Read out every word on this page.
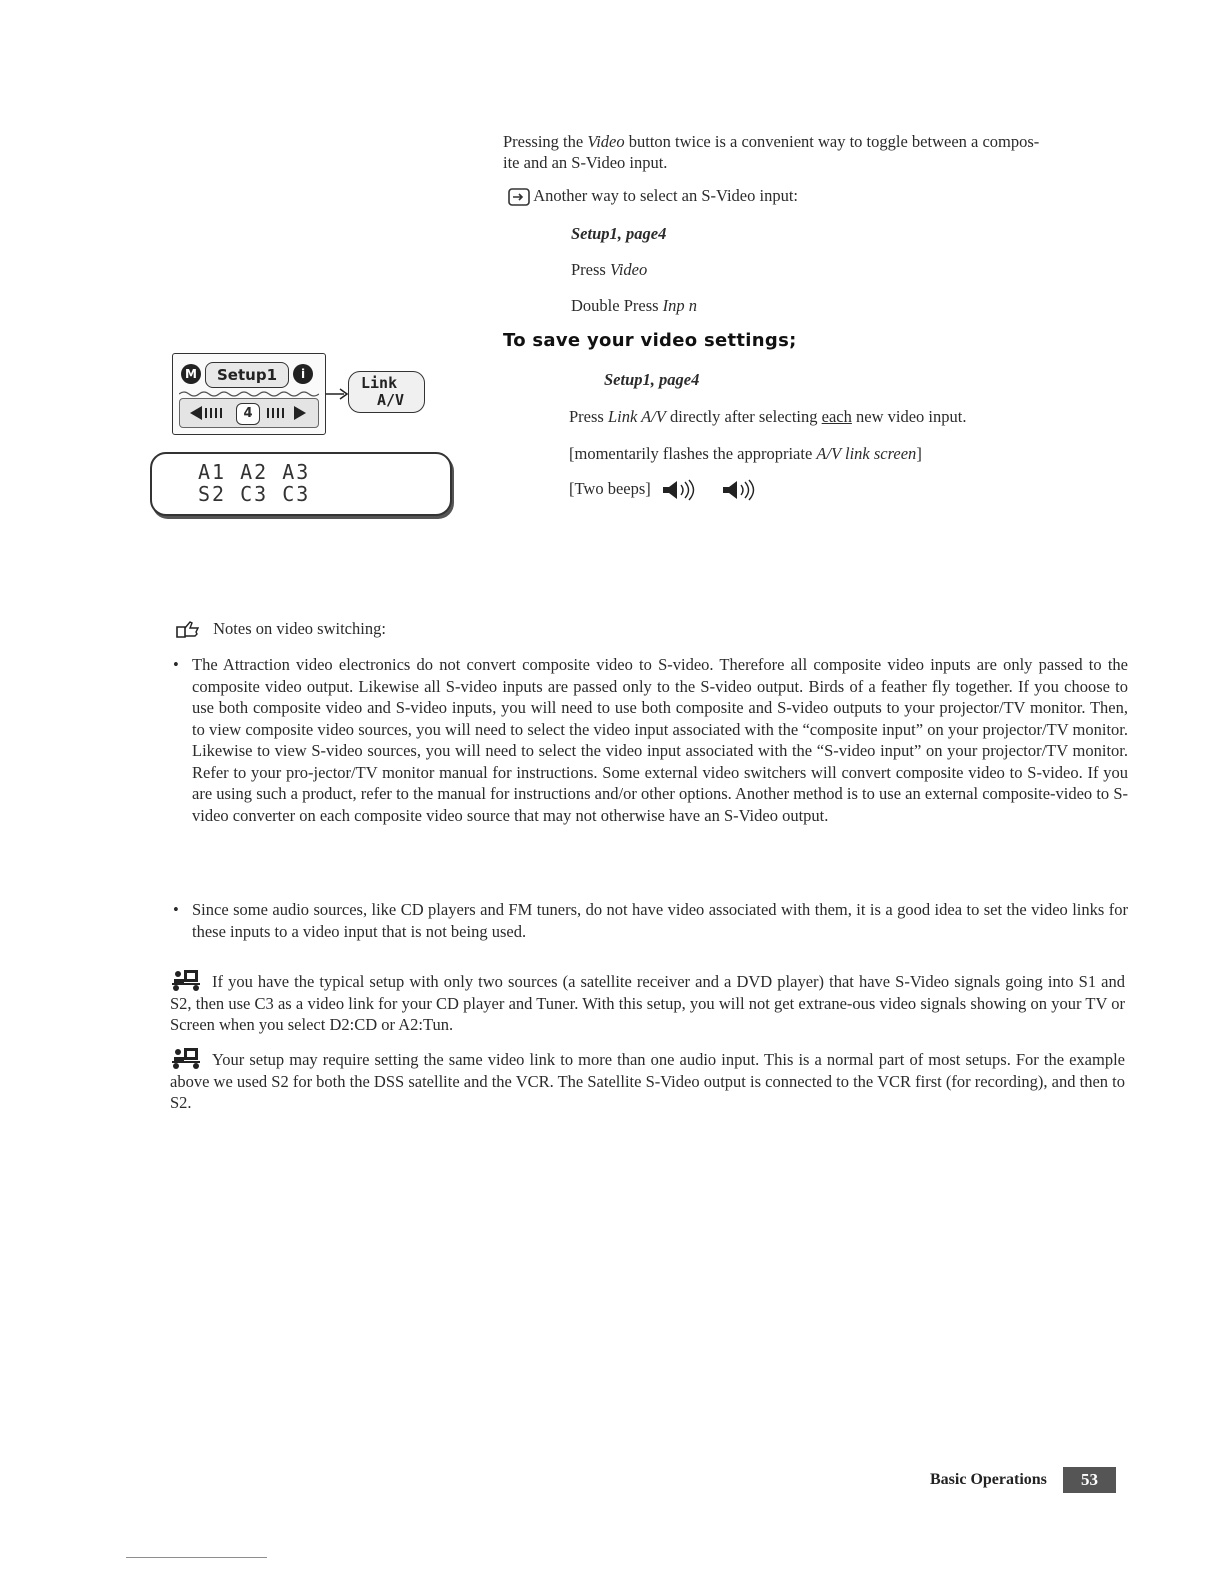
Pressing the Video button twice is a convenient way to toggle between a compos-
ite and an S-Video input.
Another way to select an S-Video input:
Setup1, page4
Press Video
Double Press Inp n
To save your video settings;
Setup1, page4
Press Link A/V directly after selecting each new video input.
[momentarily flashes the appropriate A/V link screen]
[Two beeps]
M	Setup1	i
4
Link
A/V
A1 A2 A3
S2 C3 C3
Notes on video switching:
• The Attraction video electronics do not convert composite video to S-video. Therefore all composite video inputs are only passed to the composite video output. Likewise all S-video inputs are passed only to the S-video output. Birds of a feather fly together. If you choose to use both composite video and S-video inputs, you will need to use both composite and S-video outputs to your projector/TV monitor. Then, to view composite video sources, you will need to select the video input associated with the “composite input” on your projector/TV monitor. Likewise to view S-video sources, you will need to select the video input associated with the “S-video input” on your projector/TV monitor. Refer to your pro-jector/TV monitor manual for instructions. Some external video switchers will convert composite video to S-video. If you are using such a product, refer to the manual for instructions and/or other options. Another method is to use an external composite-video to S-video converter on each composite video source that may not otherwise have an S-Video output.
• Since some audio sources, like CD players and FM tuners, do not have video associated with them, it is a good idea to set the video links for these inputs to a video input that is not being used.
If you have the typical setup with only two sources (a satellite receiver and a DVD player) that have S-Video signals going into S1 and S2, then use C3 as a video link for your CD player and Tuner. With this setup, you will not get extrane-ous video signals showing on your TV or Screen when you select D2:CD or A2:Tun.
Your setup may require setting the same video link to more than one audio input. This is a normal part of most setups. For the example above we used S2 for both the DSS satellite and the VCR. The Satellite S-Video output is connected to the VCR first (for recording), and then to S2.
Basic Operations	53
